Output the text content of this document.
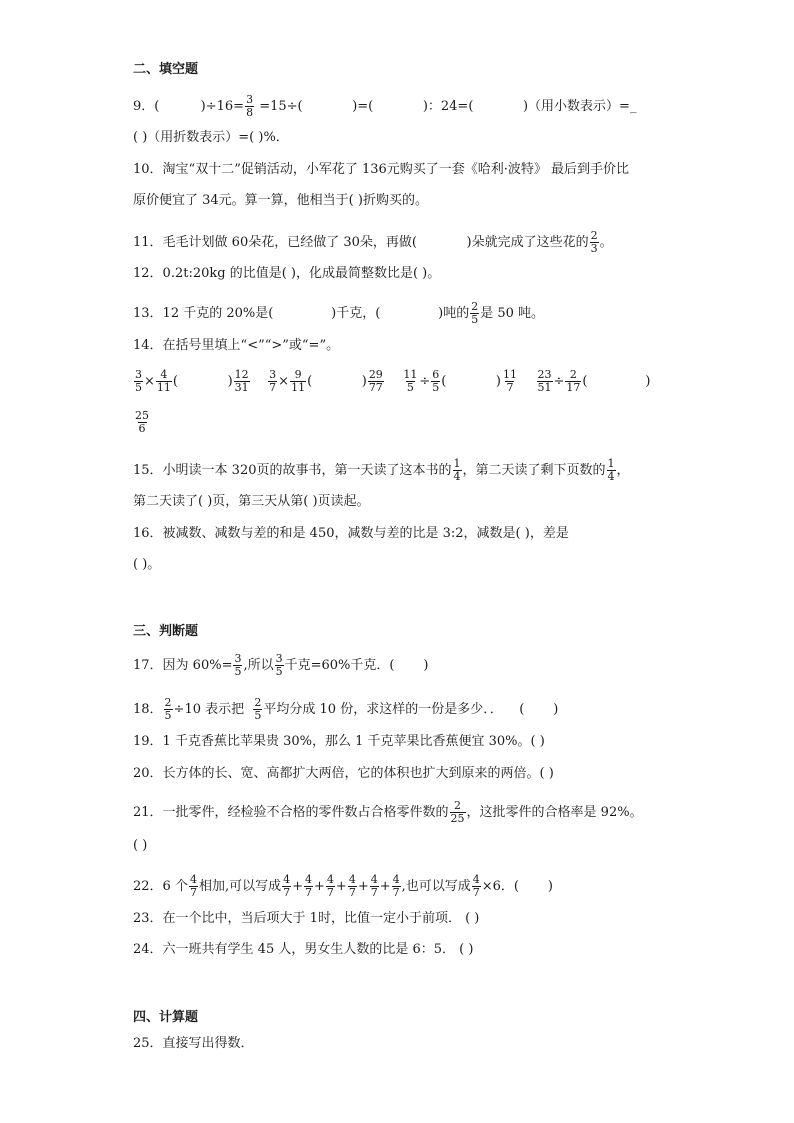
二、填空题
9．(          )$\div 16= \frac{3}{8} =15\div$(            )=(            )：24=(            )（用小数表示）=_
( )（用折数表示）=( )%．
10．淘宝“双十二”促销活动，小军花了 136元购买了一套《哈利·波特》 最后到手价比
原价便宜了 34元。算一算，他相当于( )折购买的。
11．毛毛计划做 60朵花，已经做了 30朵，再做(            )朵就完成了这些花的 $\frac{2}{3}$ 。
12．0.2t:20kg 的比值是( )，化成最简整数比是( )。
13．12 千克的 20%是(              )千克，(              )吨的 $\frac{2}{5}$ 是 50 吨。
14．在括号里填上“<”“>”或“=”。
$\frac{3}{5} \times \frac{4}{11}$ (            ) $\frac{12}{31}$
$\frac{3}{7} \times \frac{9}{11}$ (            ) $\frac{29}{77}$
$\frac{11}{5} \div \frac{6}{5}$ (            ) $\frac{11}{7}$
$\frac{23}{51} \div \frac{2}{17}$ (              )
$\frac{25}{6}$
15．小明读一本 320页的故事书，第一天读了这本书的 $\frac{1}{4}$ ，第二天读了剩下页数的 $\frac{1}{4}$ ，
第二天读了( )页，第三天从第( )页读起。
16．被减数、减数与差的和是 450，减数与差的比是 3:2，减数是( )，差是
( )。
三、判断题
17．因为 $60\%= \frac{3}{5}$ ,所以 $\frac{3}{5}$ 千克=60%千克．(       )
18． $\frac{2}{5} \div 10$ 表示把 $\frac{2}{5}$ 平均分成 10 份，求这样的一份是多少．．    (       )
19．1 千克香蕉比苹果贵 30%，那么 1 千克苹果比香蕉便宜 30%。( )
20．长方体的长、宽、高都扩大两倍，它的体积也扩大到原来的两倍。( )
21．一批零件，经检验不合格的零件数占合格零件数的 $\frac{2}{25}$ ，这批零件的合格率是 92%。
( )
22．6 个 $\frac{4}{7}$ 相加,可以写成 $\frac{4}{7} + \frac{4}{7} + \frac{4}{7} + \frac{4}{7} + \frac{4}{7} + \frac{4}{7}$ ,也可以写成 $\frac{4}{7} \times 6$．(       )
23．在一个比中，当后项大于 1时，比值一定小于前项． ( )
24．六一班共有学生 45 人，男女生人数的比是 6：5． ( )
四、计算题
25．直接写出得数．
